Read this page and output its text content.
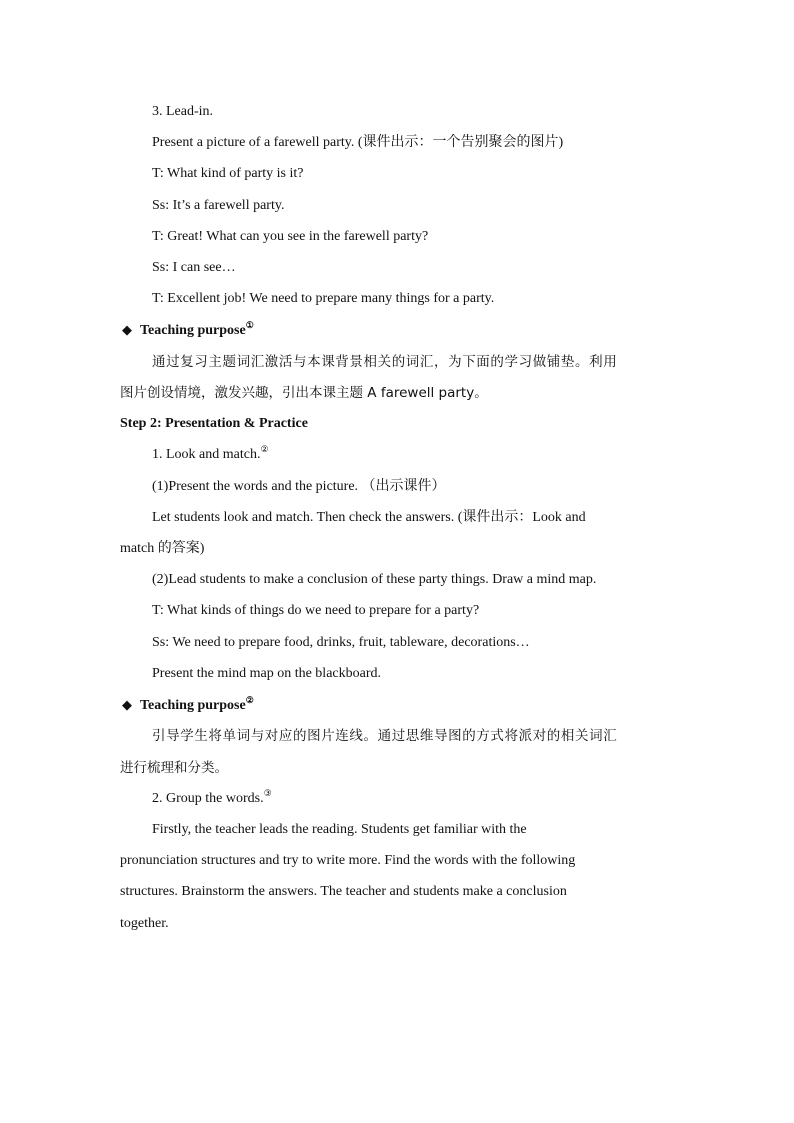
3. Lead-in.
Present a picture of a farewell party. (课件出示：一个告别聚会的图片)
T: What kind of party is it?
Ss: It’s a farewell party.
T: Great! What can you see in the farewell party?
Ss: I can see…
T: Excellent job! We need to prepare many things for a party.
◆ Teaching purpose①
通过复习主题词汇激活与本课背景相关的词汇，为下面的学习做铺垫。利用
图片创设情境，激发兴趣，引出本课主题 A farewell party。
Step 2: Presentation & Practice
1. Look and match.②
(1)Present the words and the picture. （出示课件）
Let students look and match. Then check the answers. (课件出示：Look and
match 的答案)
(2)Lead students to make a conclusion of these party things. Draw a mind map.
T: What kinds of things do we need to prepare for a party?
Ss: We need to prepare food, drinks, fruit, tableware, decorations…
Present the mind map on the blackboard.
◆ Teaching purpose②
引导学生将单词与对应的图片连线。通过思维导图的方式将派对的相关词汇
进行梳理和分类。
2. Group the words.③
Firstly, the teacher leads the reading. Students get familiar with the
pronunciation structures and try to write more. Find the words with the following
structures. Brainstorm the answers. The teacher and students make a conclusion
together.
